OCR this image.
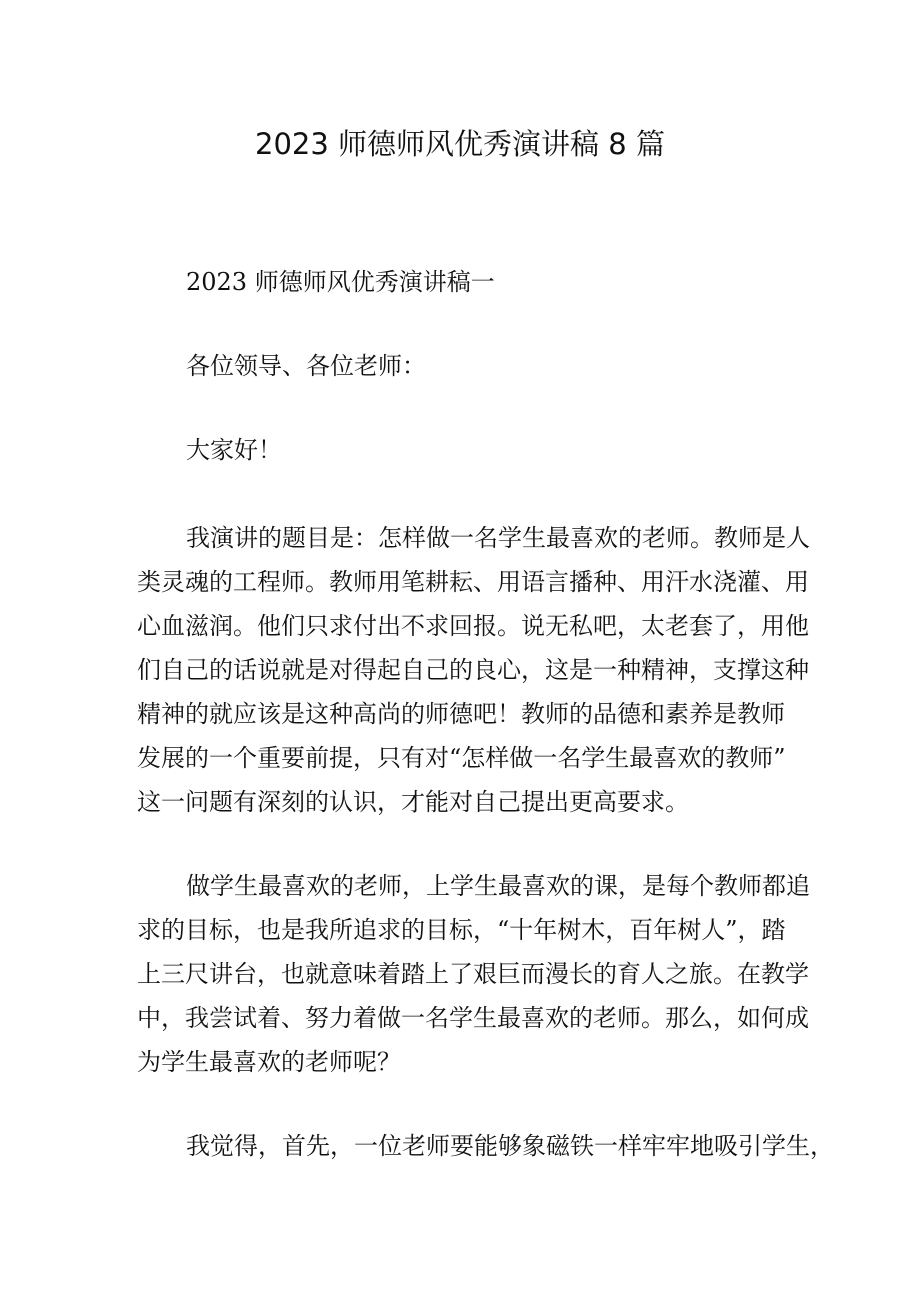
2023 师德师风优秀演讲稿 8 篇
2023 师德师风优秀演讲稿一
各位领导、各位老师：
大家好！
我演讲的题目是：怎样做一名学生最喜欢的老师。教师是人
类灵魂的工程师。教师用笔耕耘、用语言播种、用汗水浇灌、用
心血滋润。他们只求付出不求回报。说无私吧，太老套了，用他
们自己的话说就是对得起自己的良心，这是一种精神，支撑这种
精神的就应该是这种高尚的师德吧！教师的品德和素养是教师
发展的一个重要前提，只有对“怎样做一名学生最喜欢的教师”
这一问题有深刻的认识，才能对自己提出更高要求。
做学生最喜欢的老师，上学生最喜欢的课，是每个教师都追
求的目标，也是我所追求的目标，“十年树木，百年树人”，踏
上三尺讲台，也就意味着踏上了艰巨而漫长的育人之旅。在教学
中，我尝试着、努力着做一名学生最喜欢的老师。那么，如何成
为学生最喜欢的老师呢？
我觉得，首先，一位老师要能够象磁铁一样牢牢地吸引学生，
